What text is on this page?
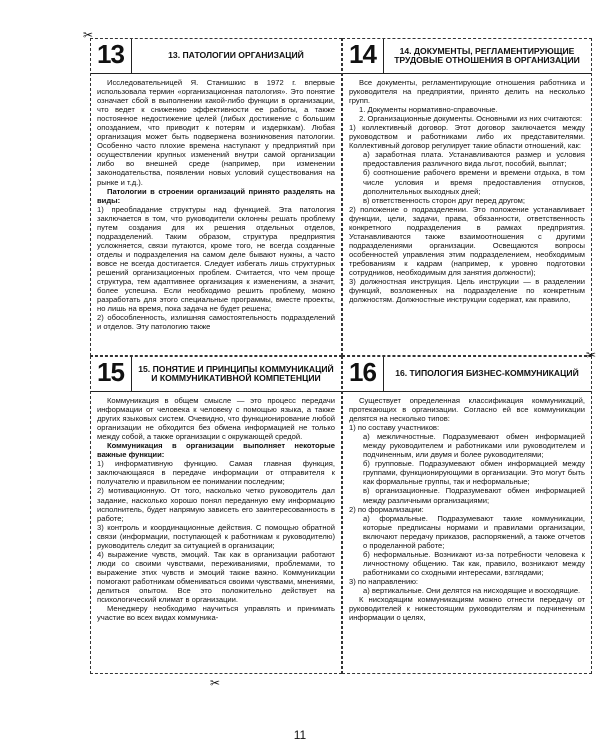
13	13. ПАТОЛОГИИ ОРГАНИЗАЦИЙ

Исследовательницей Я. Станишкис в 1972 г. впервые использовала термин «организационная патология». Это понятие означает сбой в выполнении какой-либо функции в организации, что ведет к снижению эффективности ее работы, а также постоянное недостижение целей (либых достижение с большим опозданием, что приводит к потерям и издержкам). Любая организация может быть подвержена возникновения патологии. Особенно часто плохие времена наступают у предприятий при осуществлении крупных изменений внутри самой организации либо во внешней среде (например, при изменении законодательства, появлении новых условий существования на рынке и т.д.).

Патологии в строении организаций принято разделять на виды:

1) преобладание структуры над функцией. Эта патология заключается в том, что руководители склонны решать проблему путем создания для их решения отдельных отделов, подразделений. Таким образом, структура предприятия усложняется, связи путаются, кроме того, не всегда созданные отделы и подразделения на самом деле бывают нужны, а часто вовсе не всегда достигается. Следует избегать лишь структурных решений организационных проблем. Считается, что чем проще структура, тем адаптивнее организация к изменениям, а значит, более успешна. Если необходимо решить проблему, можно разработать для этого специальные программы, вместе проекты, но лишь на время, пока задача не будет решена;

2) обособленность, излишняя самостоятельность подразделений и отделов. Эту патологию также

14	14. ДОКУМЕНТЫ, РЕГЛАМЕНТИРУЮЩИЕ ТРУДОВЫЕ ОТНОШЕНИЯ В ОРГАНИЗАЦИИ

Все документы, регламентирующие отношения работника и руководителя на предприятии, принято делить на несколько групп.

1. Документы нормативно-справочные.

2. Организационные документы. Основными из них считаются:

1) коллективный договор. Этот договор заключается между руководством и работниками либо их представителями. Коллективный договор регулирует такие области отношений, как:

а) заработная плата. Устанавливаются размер и условия предоставления различного вида льгот, пособий, выплат;

б) соотношение рабочего времени и времени отдыха, в том числе условия и время предоставления отпусков, дополнительных выходных дней;

в) ответственность сторон друг перед другом;

2) положение о подразделении. Это положение устанавливает функции, цели, задачи, права, обязанности, ответственность конкретного подразделения в рамках предприятия. Устанавливаются также взаимоотношения с другими подразделениями организации. Освещаются вопросы особенностей управления этим подразделением, необходимым требованиям к кадрам (например, к уровню подготовки сотрудников, необходимым для занятия должности);

3) должностная инструкция. Цель инструкции — в разделении функций, возложенных на подразделение по конкретным должностям. Должностные инструкции содержат, как правило,

15	15. ПОНЯТИЕ И ПРИНЦИПЫ КОММУНИКАЦИЙ И КОММУНИКАТИВНОЙ КОМПЕТЕНЦИИ

Коммуникация в общем смысле — это процесс передачи информации от человека к человеку с помощью языка, а также других языковых систем. Очевидно, что функционирование любой организации не обходится без обмена информацией не только между собой, а также организации с окружающей средой.

Коммуникация в организации выполняет некоторые важные функции:

1) информативную функцию. Самая главная функция, заключающаяся в передаче информации от отправителя к получателю и правильном ее понимании последним;

2) мотивационную. От того, насколько четко руководитель дал задание, насколько хорошо понял переданную ему информацию исполнитель, будет напрямую зависеть его заинтересованность в работе;

3) контроль и координационные действия. С помощью обратной связи (информации, поступающей к работникам к руководителю) руководитель следит за ситуацией в организации;

4) выражение чувств, эмоций. Так как в организации работают люди со своими чувствами, переживаниями, проблемами, то выражение этих чувств и эмоций также важно. Коммуникации помогают работникам обмениваться своими чувствами, мнениями, делиться опытом. Все это положительно действует на психологический климат в организации.

Менеджеру необходимо научиться управлять и принимать участие во всех видах коммуника-

16	16. ТИПОЛОГИЯ БИЗНЕС-КОММУНИКАЦИЙ

Существует определенная классификация коммуникаций, протекающих в организации. Согласно ей все коммуникации делятся на несколько типов:

1) по составу участников:

а) межличностные. Подразумевают обмен информацией между руководителем и работниками или руководителем и подчиненным, или двумя и более руководителями;

б) групповые. Подразумевают обмен информацией между группами, функционирующими в организации. Это могут быть как формальные группы, так и неформальные;

в) организационные. Подразумевают обмен информацией между различными организациями;

2) по формализации:

а) формальные. Подразумевают такие коммуникации, которые предписаны нормами и правилами организации, включают передачу приказов, распоряжений, а также отчетов о проделанной работе;

б) неформальные. Возникают из-за потребности человека к личностному общению. Так как, правило, возникают между работниками со сходными интересами, взглядами;

3) по направлению:

а) вертикальные. Они делятся на нисходящие и восходящие.

К нисходящим коммуникациям можно отнести передачу от руководителей к нижестоящим руководителям и подчиненным информации о целях,

✂
✂
✂
11
